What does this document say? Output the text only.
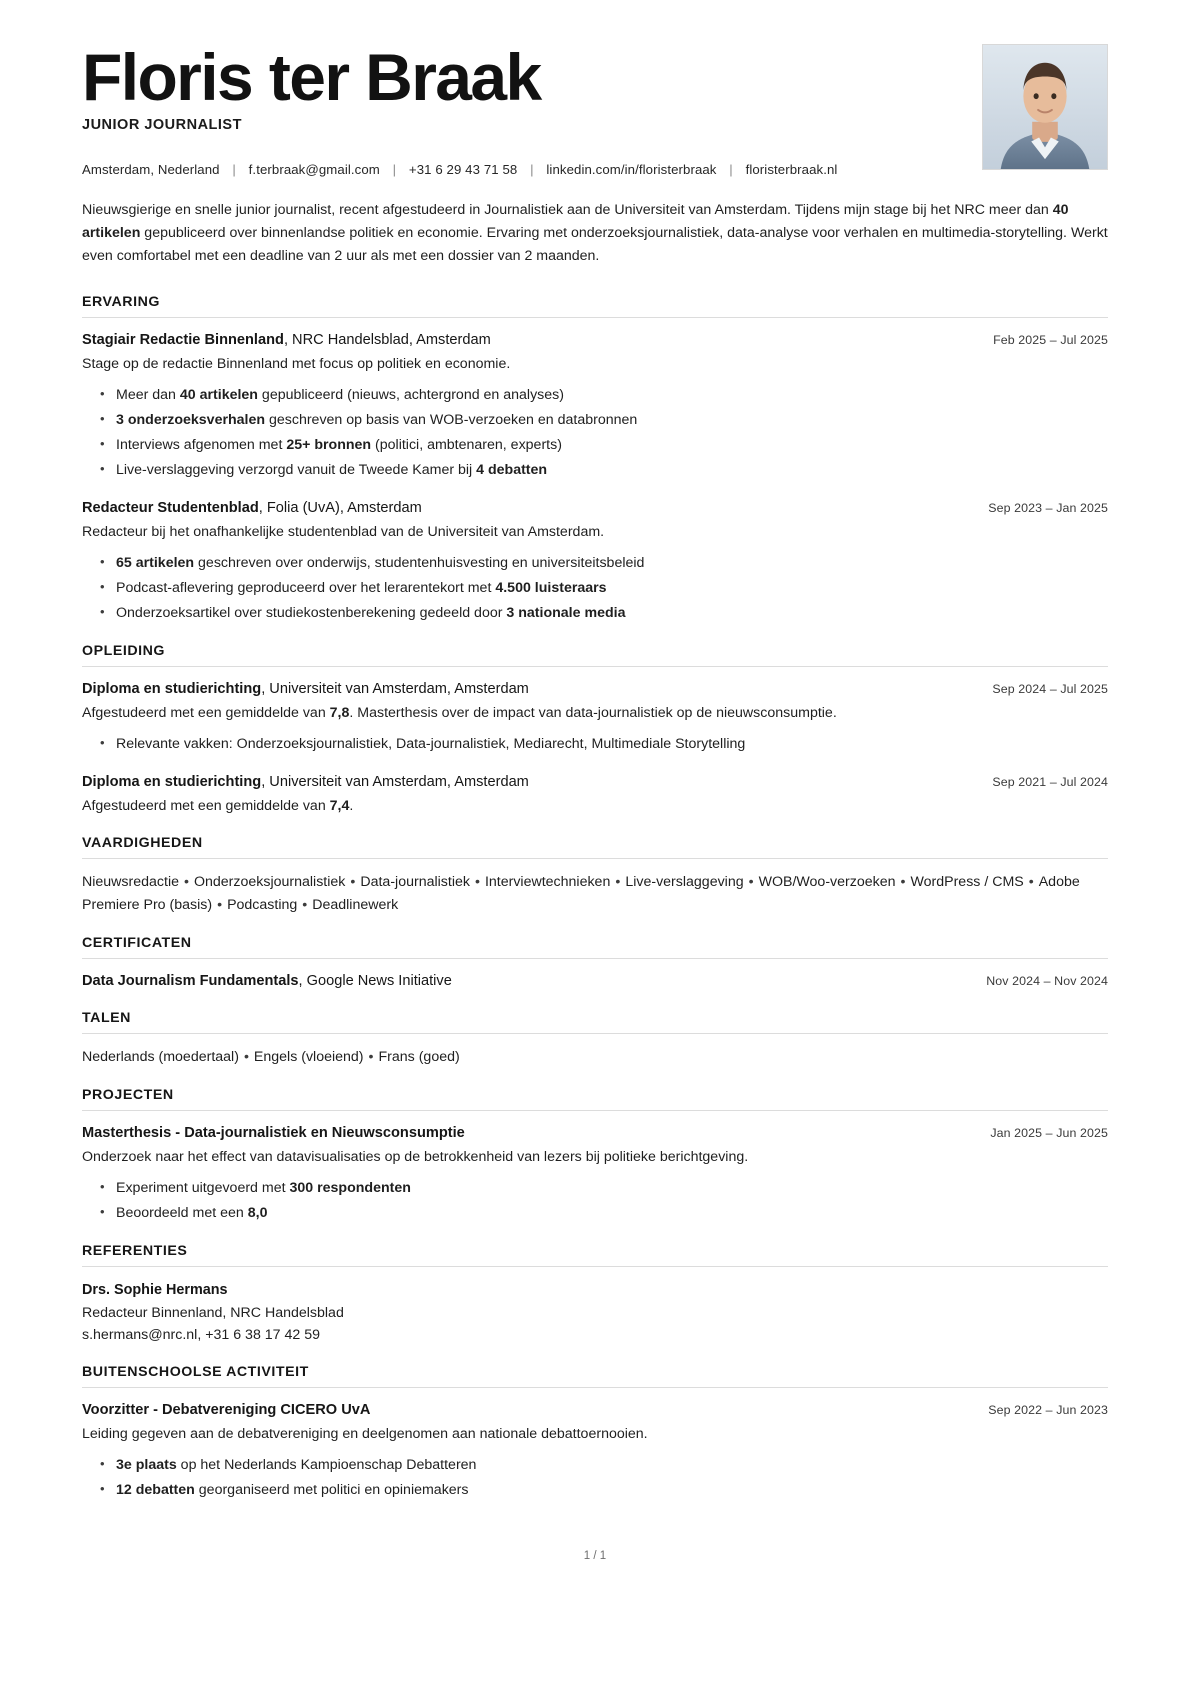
Floris ter Braak
JUNIOR JOURNALIST
Amsterdam, Nederland | f.terbraak@gmail.com | +31 6 29 43 71 58 | linkedin.com/in/floristerbraak | floristerbraak.nl

Nieuwsgierige en snelle junior journalist, recent afgestudeerd in Journalistiek aan de Universiteit van Amsterdam. Tijdens mijn stage bij het NRC meer dan 40 artikelen gepubliceerd over binnenlandse politiek en economie. Ervaring met onderzoeksjournalistiek, data-analyse voor verhalen en multimedia-storytelling. Werkt even comfortabel met een deadline van 2 uur als met een dossier van 2 maanden.

ERVARING
Stagiair Redactie Binnenland, NRC Handelsblad, Amsterdam	Feb 2025 – Jul 2025
Stage op de redactie Binnenland met focus op politiek en economie.
• Meer dan 40 artikelen gepubliceerd (nieuws, achtergrond en analyses)
• 3 onderzoeksverhalen geschreven op basis van WOB-verzoeken en databronnen
• Interviews afgenomen met 25+ bronnen (politici, ambtenaren, experts)
• Live-verslaggeving verzorgd vanuit de Tweede Kamer bij 4 debatten
Redacteur Studentenblad, Folia (UvA), Amsterdam	Sep 2023 – Jan 2025
Redacteur bij het onafhankelijke studentenblad van de Universiteit van Amsterdam.
• 65 artikelen geschreven over onderwijs, studentenhuisvesting en universiteitsbeleid
• Podcast-aflevering geproduceerd over het lerarentekort met 4.500 luisteraars
• Onderzoeksartikel over studiekostenberekening gedeeld door 3 nationale media
OPLEIDING
Diploma en studierichting, Universiteit van Amsterdam, Amsterdam	Sep 2024 – Jul 2025
Afgestudeerd met een gemiddelde van 7,8. Masterthesis over de impact van data-journalistiek op de nieuwsconsumptie.
• Relevante vakken: Onderzoeksjournalistiek, Data-journalistiek, Mediarecht, Multimediale Storytelling
Diploma en studierichting, Universiteit van Amsterdam, Amsterdam	Sep 2021 – Jul 2024
Afgestudeerd met een gemiddelde van 7,4.
VAARDIGHEDEN
Nieuwsredactie • Onderzoeksjournalistiek • Data-journalistiek • Interviewtechnieken • Live-verslaggeving • WOB/Woo-verzoeken • WordPress / CMS • Adobe Premiere Pro (basis) • Podcasting • Deadlinewerk
CERTIFICATEN
Data Journalism Fundamentals, Google News Initiative	Nov 2024 – Nov 2024
TALEN
Nederlands (moedertaal) • Engels (vloeiend) • Frans (goed)
PROJECTEN
Masterthesis - Data-journalistiek en Nieuwsconsumptie	Jan 2025 – Jun 2025
Onderzoek naar het effect van datavisualisaties op de betrokkenheid van lezers bij politieke berichtgeving.
• Experiment uitgevoerd met 300 respondenten
• Beoordeeld met een 8,0
REFERENTIES
Drs. Sophie Hermans
Redacteur Binnenland, NRC Handelsblad
s.hermans@nrc.nl, +31 6 38 17 42 59
BUITENSCHOOLSE ACTIVITEIT
Voorzitter - Debatvereniging CICERO UvA	Sep 2022 – Jun 2023
Leiding gegeven aan de debatvereniging en deelgenomen aan nationale debattoernooien.
• 3e plaats op het Nederlands Kampioenschap Debatteren
• 12 debatten georganiseerd met politici en opiniemakers
1 / 1
